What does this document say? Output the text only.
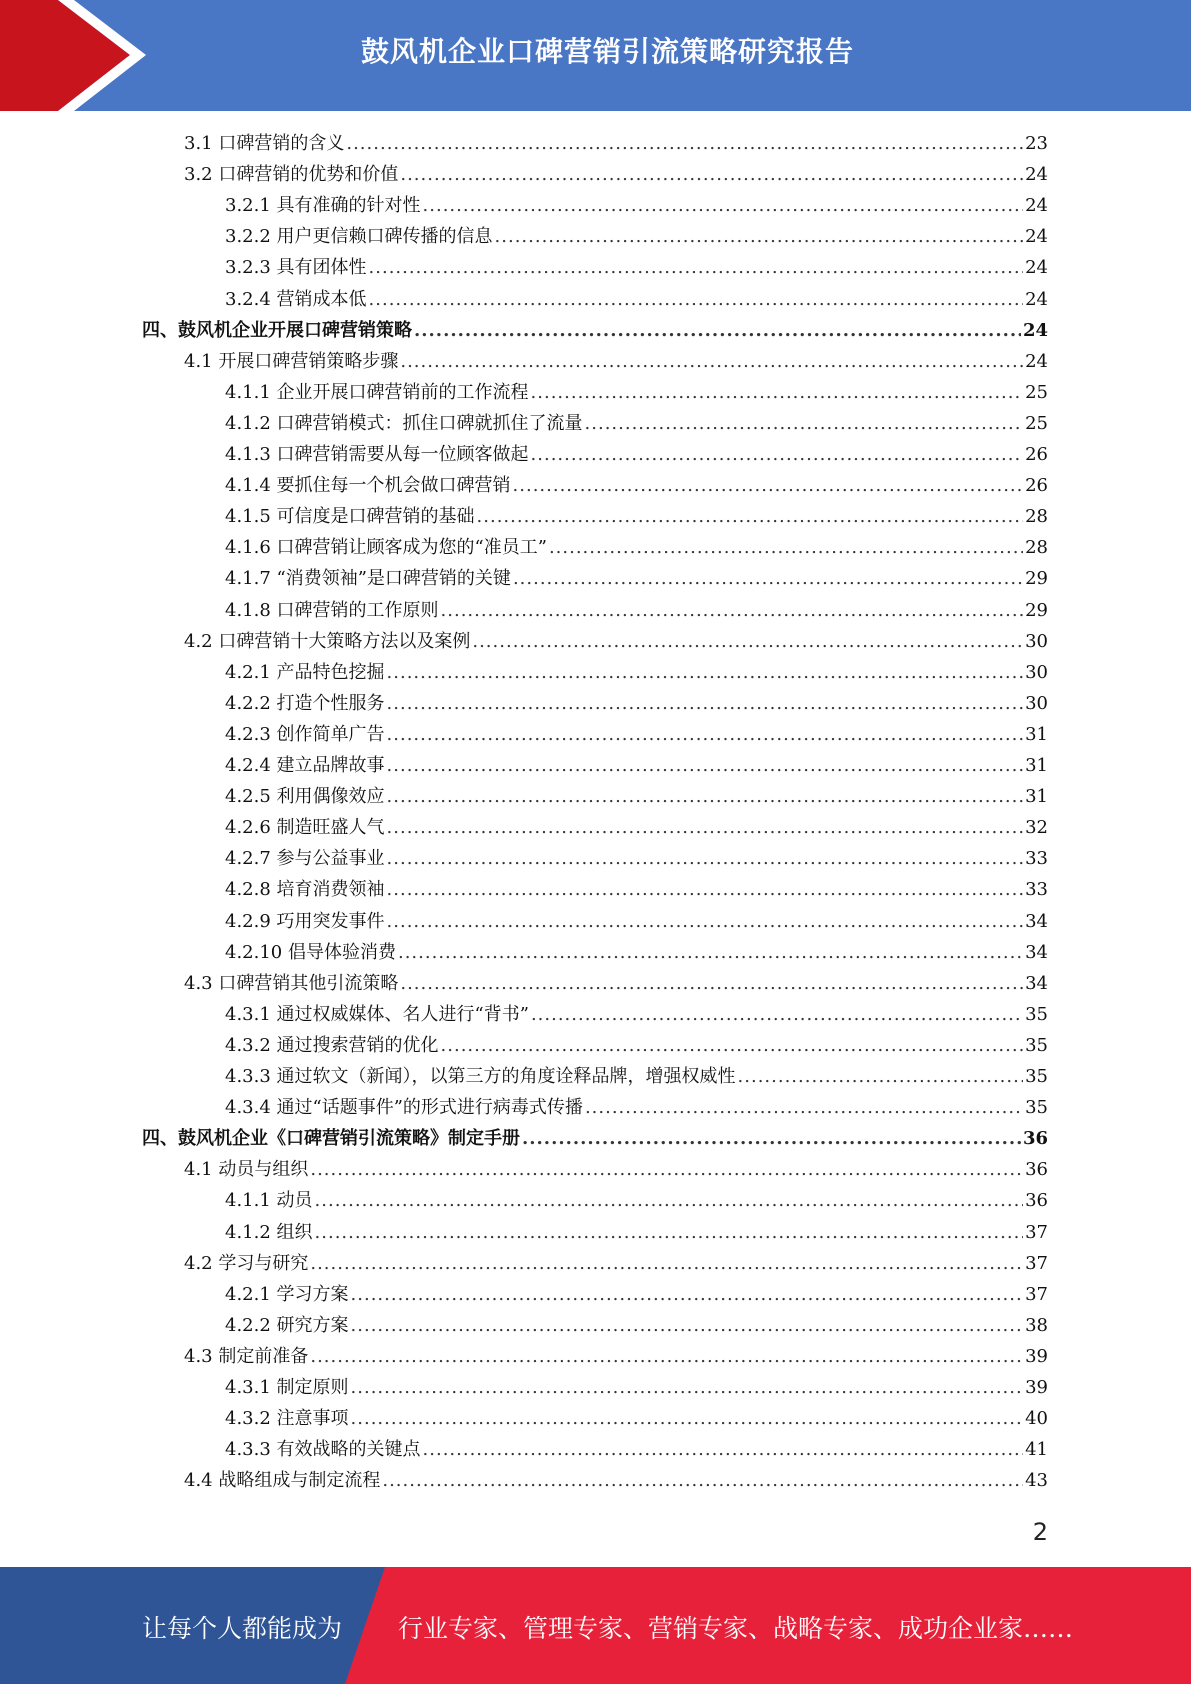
鼓风机企业口碑营销引流策略研究报告
3.1 口碑营销的含义 .....	23
3.2 口碑营销的优势和价值 .....	24
3.2.1 具有准确的针对性 .....	24
3.2.2 用户更信赖口碑传播的信息 .....	24
3.2.3 具有团体性 .....	24
3.2.4 营销成本低 .....	24
四、鼓风机企业开展口碑营销策略 .....	24
4.1 开展口碑营销策略步骤 .....	24
4.1.1 企业开展口碑营销前的工作流程 .....	25
4.1.2 口碑营销模式：抓住口碑就抓住了流量 .....	25
4.1.3 口碑营销需要从每一位顾客做起 .....	26
4.1.4 要抓住每一个机会做口碑营销 .....	26
4.1.5 可信度是口碑营销的基础 .....	28
4.1.6 口碑营销让顾客成为您的“准员工” .....	28
4.1.7 “消费领袖”是口碑营销的关键 .....	29
4.1.8 口碑营销的工作原则 .....	29
4.2 口碑营销十大策略方法以及案例 .....	30
4.2.1 产品特色挖掘 .....	30
4.2.2 打造个性服务 .....	30
4.2.3 创作简单广告 .....	31
4.2.4 建立品牌故事 .....	31
4.2.5 利用偶像效应 .....	31
4.2.6 制造旺盛人气 .....	32
4.2.7 参与公益事业 .....	33
4.2.8 培育消费领袖 .....	33
4.2.9 巧用突发事件 .....	34
4.2.10 倡导体验消费 .....	34
4.3 口碑营销其他引流策略 .....	34
4.3.1 通过权威媒体、名人进行“背书” .....	35
4.3.2 通过搜索营销的优化 .....	35
4.3.3 通过软文（新闻），以第三方的角度诠释品牌，增强权威性 .....	35
4.3.4 通过“话题事件”的形式进行病毒式传播 .....	35
四、鼓风机企业《口碑营销引流策略》制定手册 .....	36
4.1 动员与组织 .....	36
4.1.1 动员 .....	36
4.1.2 组织 .....	37
4.2 学习与研究 .....	37
4.2.1 学习方案 .....	37
4.2.2 研究方案 .....	38
4.3 制定前准备 .....	39
4.3.1 制定原则 .....	39
4.3.2 注意事项 .....	40
4.3.3 有效战略的关键点 .....	41
4.4 战略组成与制定流程 .....	43
2
让每个人都能成为 行业专家、管理专家、营销专家、战略专家、成功企业家……
